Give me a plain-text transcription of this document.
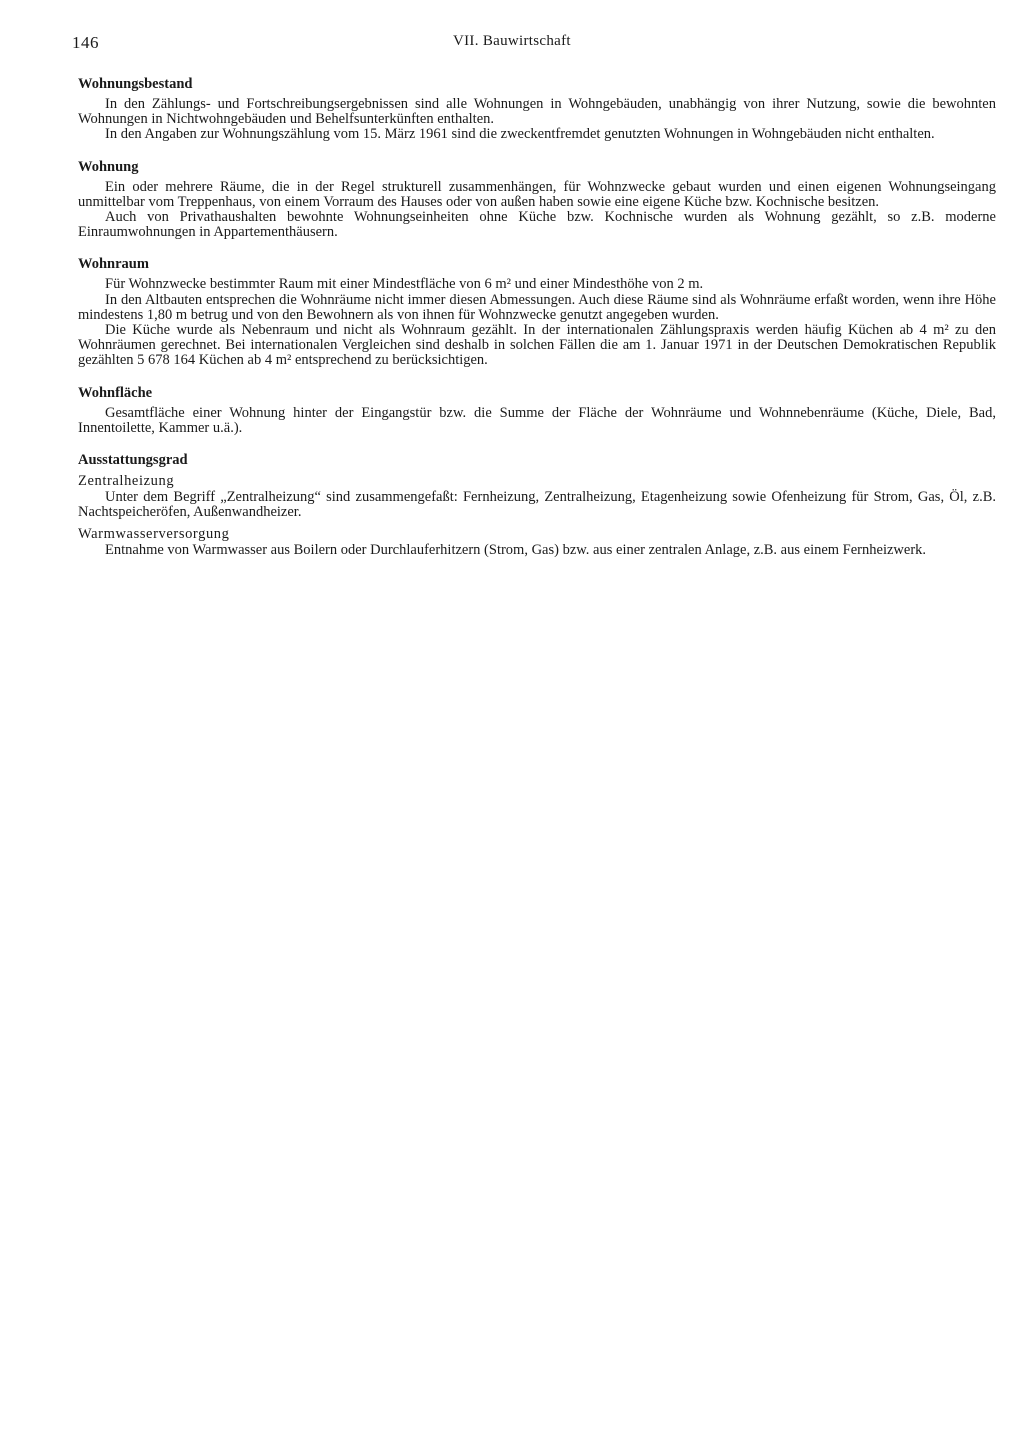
146	VII. Bauwirtschaft
Wohnungsbestand

In den Zählungs- und Fortschreibungsergebnissen sind alle Wohnungen in Wohngebäuden, unabhängig von ihrer Nutzung, sowie die bewohnten Wohnungen in Nichtwohngebäuden und Behelfsunterkünften enthalten.

In den Angaben zur Wohnungszählung vom 15. März 1961 sind die zweckentfremdet genutzten Wohnungen in Wohngebäuden nicht enthalten.

Wohnung

Ein oder mehrere Räume, die in der Regel strukturell zusammenhängen, für Wohnzwecke gebaut wurden und einen eigenen Wohnungseingang unmittelbar vom Treppenhaus, von einem Vorraum des Hauses oder von außen haben sowie eine eigene Küche bzw. Kochnische besitzen.

Auch von Privathaushalten bewohnte Wohnungseinheiten ohne Küche bzw. Kochnische wurden als Wohnung gezählt, so z.B. moderne Einraumwohnungen in Appartementhäusern.

Wohnraum

Für Wohnzwecke bestimmter Raum mit einer Mindestfläche von 6 m² und einer Mindesthöhe von 2 m.

In den Altbauten entsprechen die Wohnräume nicht immer diesen Abmessungen. Auch diese Räume sind als Wohnräume erfaßt worden, wenn ihre Höhe mindestens 1,80 m betrug und von den Bewohnern als von ihnen für Wohnzwecke genutzt angegeben wurden.

Die Küche wurde als Nebenraum und nicht als Wohnraum gezählt. In der internationalen Zählungspraxis werden häufig Küchen ab 4 m² zu den Wohnräumen gerechnet. Bei internationalen Vergleichen sind deshalb in solchen Fällen die am 1. Januar 1971 in der Deutschen Demokratischen Republik gezählten 5 678 164 Küchen ab 4 m² entsprechend zu berücksichtigen.

Wohnfläche

Gesamtfläche einer Wohnung hinter der Eingangstür bzw. die Summe der Fläche der Wohnräume und Wohnnebenräume (Küche, Diele, Bad, Innentoilette, Kammer u.ä.).

Ausstattungsgrad
Zentralheizung

Unter dem Begriff „Zentralheizung“ sind zusammengefaßt: Fernheizung, Zentralheizung, Etagenheizung sowie Ofenheizung für Strom, Gas, Öl, z.B. Nachtspeicheröfen, Außenwandheizer.

Warmwasserversorgung

Entnahme von Warmwasser aus Boilern oder Durchlauferhitzern (Strom, Gas) bzw. aus einer zentralen Anlage, z.B. aus einem Fernheizwerk.
